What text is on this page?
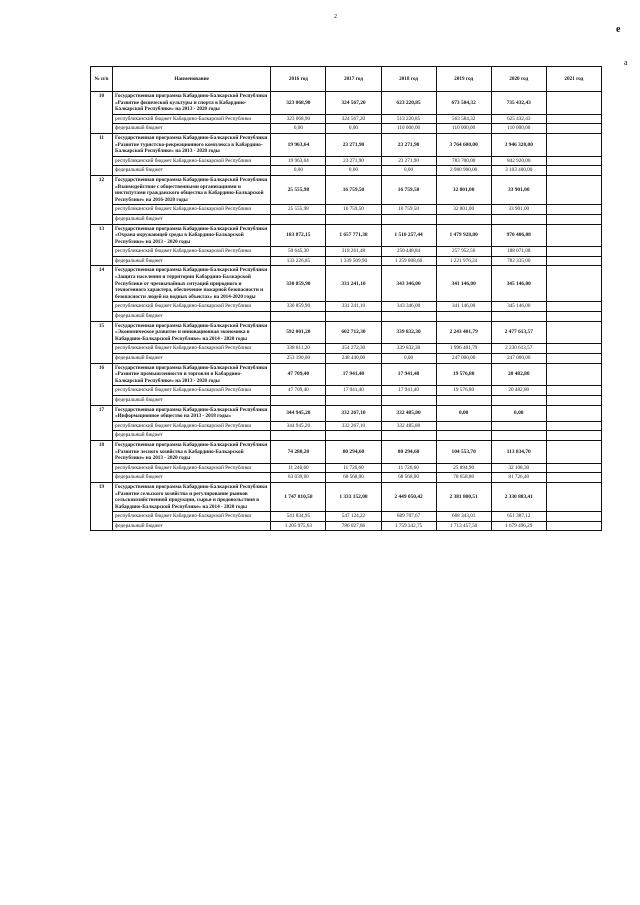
2
е
а
№ п/п	Наименование	2016 год	2017 год	2018 год	2019 год	2020 год	2021 год
10	Государственная программа Кабардино-Балкарской Республики «Развитие физической культуры и спорта в Кабардино-Балкарской Республике» на 2013 - 2020 годы	323 068,90	324 567,20	623 220,85	673 584,32	735 432,43	
	республиканский бюджет Кабардино-Балкарской Республики	323 068,90	324 567,20	513 220,85	563 584,32	625 432,43	
	федеральный бюджет	0,00	0,00	110 000,00	110 000,00	110 000,00	
11	Государственная программа Кабардино-Балкарской Республики «Развитие туристско-рекреационного комплекса в Кабардино-Балкарской Республике» на 2013 - 2020 годы	19 963,64	23 271,90	23 271,90	3 764 600,00	3 946 320,00	
	республиканский бюджет Кабардино-Балкарской Республики	19 963,64	23 271,90	23 271,90	783 700,00	842 920,00	
	федеральный бюджет	0,00	0,00	0,00	2 980 900,00	3 103 400,00	
12	Государственная программа Кабардино-Балкарской Республики «Взаимодействие с общественными организациями и институтами гражданского общества в Кабардино-Балкарской Республике» на 2016-2020 годы	25 555,98	16 759,50	16 759,50	32 801,00	33 901,00	
	республиканский бюджет Кабардино-Балкарской Республики	25 555,98	16 759,50	16 759,50	32 801,00	33 901,00	
	федеральный бюджет						
13	Государственная программа Кабардино-Балкарской Республики «Охрана окружающей среды в Кабардино-Балкарской Республике» на 2013 - 2020 годы	183 872,15	1 657 771,38	1 510 257,44	1 479 928,80	970 406,08	
	республиканский бюджет Кабардино-Балкарской Республики	50 645,30	318 261,48	250 448,84	257 952,56	188 071,08	
	федеральный бюджет	133 226,85	1 339 509,90	1 259 808,60	1 221 976,24	782 335,00	
14	Государственная программа Кабардино-Балкарской Республики «Защита населения и территории Кабардино-Балкарской Республики от чрезвычайных ситуаций природного и техногенного характера, обеспечение пожарной безопасности и безопасности людей на водных объектах» на 2014-2020 годы	330 859,90	331 241,10	343 346,00	341 146,00	345 146,00	
	республиканский бюджет Кабардино-Балкарской Республики	330 859,90	331 241,10	343 346,00	341 146,00	345 146,00	
	федеральный бюджет						
15	Государственная программа Кабардино-Балкарской Республики «Экономическое развитие и инновационная экономика в Кабардино-Балкарской Республике» на 2014 - 2020 годы	592 001,20	602 712,30	339 832,30	2 243 401,79	2 477 613,57	
	республиканский бюджет Кабардино-Балкарской Республики	338 811,20	354 272,30	339 832,30	1 996 401,79	2 230 613,57	
	федеральный бюджет	253 190,00	248 440,00	0,00	247 000,00	247 000,00	
16	Государственная программа Кабардино-Балкарской Республики «Развитие промышленности и торговли в Кабардино-Балкарской Республике» на 2013 - 2020 годы	47 709,40	17 941,40	17 941,40	19 576,80	20 482,80	
	республиканский бюджет Кабардино-Балкарской Республики	47 709,40	17 941,40	17 941,40	19 576,80	20 482,80	
	федеральный бюджет						
17	Государственная программа Кабардино-Балкарской Республики «Информационное общество на 2013 - 2018 годы»	344 945,20	332 267,10	332 485,80	0,00	0,00	
	республиканский бюджет Кабардино-Балкарской Республики	344 945,20	332 267,10	332 485,80			
	федеральный бюджет						
18	Государственная программа Кабардино-Балкарской Республики «Развитие лесного хозяйства в Кабардино-Балкарской Республике» на 2013 - 2020 годы	74 280,20	80 294,60	80 294,60	104 553,70	113 834,70	
	республиканский бюджет Кабардино-Балкарской Республики	11 240,60	11 726,60	11 726,60	25 894,90	32 108,30	
	федеральный бюджет	63 039,60	68 568,00	68 568,00	78 658,80	81 726,40	
19	Государственная программа Кабардино-Балкарской Республики «Развитие сельского хозяйства и регулирование рынков сельскохозяйственной продукции, сырья и продовольствия в Кабардино-Балкарской Республике» на 2014 - 2020 годы	1 747 810,58	1 333 152,08	2 449 050,42	2 381 800,51	2 330 883,41	
	республиканский бюджет Кабардино-Балкарской Республики	541 834,95	547 124,22	689 707,67	668 343,01	651 387,12	
	федеральный бюджет	1 205 975,63	786 027,86	1 759 342,75	1 713 457,50	1 679 496,29	
